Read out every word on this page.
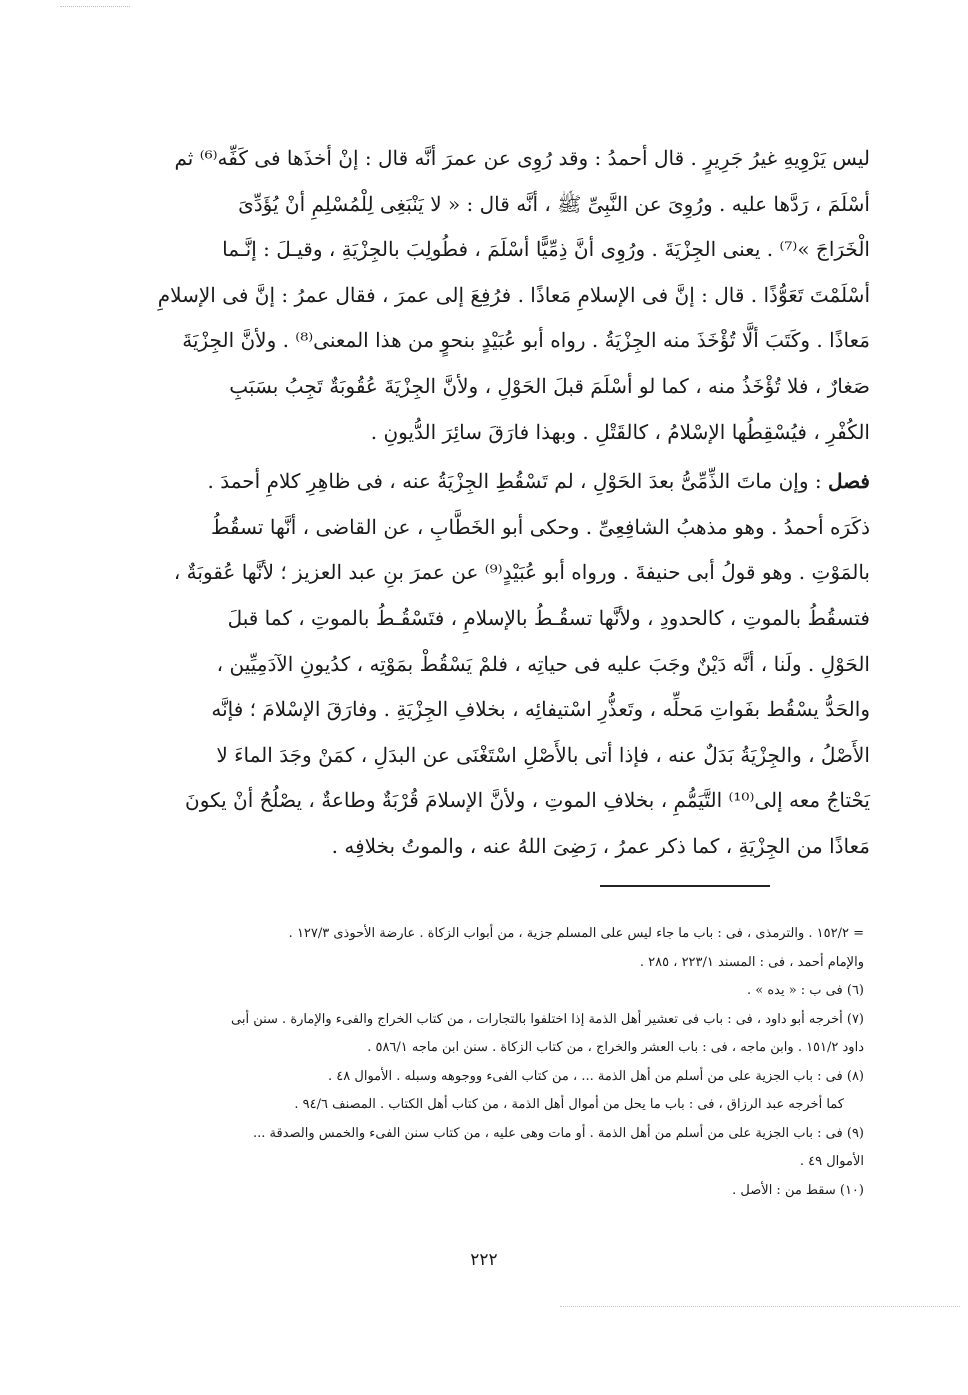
ليس يَرْوِيهِ غيرُ جَرِيرٍ . قال أحمدُ : وقد رُوِى عن عمرَ أنَّه قال : إنْ أخذَها فى كَفِّه⁽⁶⁾ ثم

أسْلَمَ ، رَدَّها عليه . ورُوِىَ عن النَّبِىِّ ﷺ ، أنَّه قال : « لا يَنْبَغِى لِلْمُسْلِمِ أنْ يُؤَدِّىَ

الْخَرَاجَ »⁽⁷⁾ . يعنى الجِزْيَةَ . ورُوِى أنَّ ذِمِّيًّا أسْلَمَ ، فطُولِبَ بالجِزْيَةِ ، وقيـلَ : إنَّـما

أسْلَمْتَ تَعَوُّذًا . قال : إنَّ فى الإسلامِ مَعاذًا . فرُفِعَ إلى عمرَ ، فقال عمرُ : إنَّ فى الإسلامِ

مَعاذًا . وكَتَبَ ألَّا تُؤْخَذَ منه الجِزْيَةُ . رواه أبو عُبَيْدٍ بنحوٍ من هذا المعنى⁽⁸⁾ . ولأنَّ الجِزْيَةَ

صَغارٌ ، فلا تُؤْخَذُ منه ، كما لو أسْلَمَ قبلَ الحَوْلِ ، ولأنَّ الجِزْيَةَ عُقُوبَةٌ تَجِبُ بسَبَبِ

الكُفْرِ ، فيُسْقِطُها الإسْلامُ ، كالقَتْلِ . وبهذا فارَقَ سائِرَ الدُّيونِ .

فصل : وإن ماتَ الذِّمِّىُّ بعدَ الحَوْلِ ، لم تَسْقُطِ الجِزْيَةُ عنه ، فى ظاهِرِ كلامِ أحمدَ .

ذكَرَه أحمدُ . وهو مذهبُ الشافِعِىِّ . وحكى أبو الخَطَّابِ ، عن القاضى ، أنَّها تسقُطُ

بالمَوْتِ . وهو قولُ أبى حنيفةَ . ورواه أبو عُبَيْدٍ⁽⁹⁾ عن عمرَ بنِ عبد العزيز ؛ لأنَّها عُقوبَةٌ ،

فتسقُطُ بالموتِ ، كالحدودِ ، ولأنَّها تسقُـطُ بالإسلامِ ، فتَسْقُـطُ بالموتِ ، كما قبلَ

الحَوْلِ . ولَنا ، أنَّه دَيْنٌ وجَبَ عليه فى حياتِه ، فلمْ يَسْقُطْ بمَوْتِه ، كدُيونِ الآدَمِيِّين ،

والحَدُّ يسْقُط بفَواتِ مَحلِّه ، وتَعذُّرِ اسْتيفائِه ، بخلافِ الجِزْيَةِ . وفارَقَ الإسْلامَ ؛ فإنَّه

الأَصْلُ ، والجِزْيَةُ بَدَلٌ عنه ، فإذا أتى بالأَصْلِ اسْتَغْنَى عن البدَلِ ، كمَنْ وجَدَ الماءَ لا

يَحْتاجُ معه إلى⁽¹⁰⁾ التَّيَمُّمِ ، بخلافِ الموتِ ، ولأنَّ الإسلامَ قُرْبَةٌ وطاعةٌ ، يصْلُحُ أنْ يكونَ

مَعاذًا من الجِزْيَةِ ، كما ذكر عمرُ ، رَضِىَ اللهُ عنه ، والموتُ بخلافِه .

= ١٥٢/٢ . والترمذى ، فى : باب ما جاء ليس على المسلم جزية ، من أبواب الزكاة . عارضة الأحوذى ١٢٧/٣ .

والإمام أحمد ، فى : المسند ٢٢٣/١ ، ٢٨٥ .

(٦) فى ب : « يده » .

(٧) أخرجه أبو داود ، فى : باب فى تعشير أهل الذمة إذا اختلفوا بالتجارات ، من كتاب الخراج والفىء والإمارة . سنن أبى

داود ١٥١/٢ . وابن ماجه ، فى : باب العشر والخراج ، من كتاب الزكاة . سنن ابن ماجه ٥٨٦/١ .

(٨) فى : باب الجزية على من أسلم من أهل الذمة ... ، من كتاب الفىء ووجوهه وسبله . الأموال ٤٨ .

كما أخرجه عبد الرزاق ، فى : باب ما يحل من أموال أهل الذمة ، من كتاب أهل الكتاب . المصنف ٩٤/٦ .

(٩) فى : باب الجزية على من أسلم من أهل الذمة . أو مات وهى عليه ، من كتاب سنن الفىء والخمس والصدقة ...

الأموال ٤٩ .

(١٠) سقط من : الأصل .

٢٢٢
